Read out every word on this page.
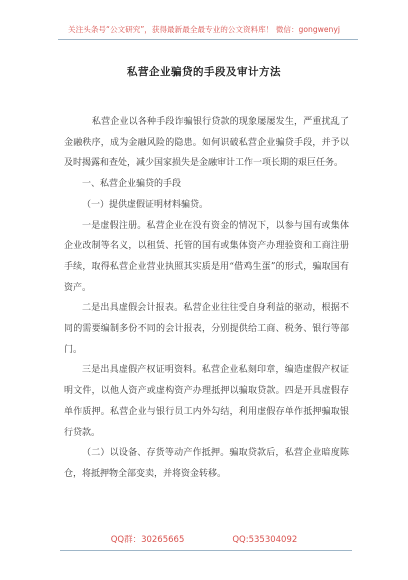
关注头条号“公文研究”，获得最新最全最专业的公文资料库！ 微信：gongwenyj
私营企业骗贷的手段及审计方法

私营企业以各种手段诈骗银行贷款的现象屡屡发生，严重扰乱了金融秩序，成为金融风险的隐患。如何识破私营企业骗贷手段，并予以及时揭露和查处，减少国家损失是金融审计工作一项长期的艰巨任务。

一、私营企业骗贷的手段

（一）提供虚假证明材料骗贷。

一是虚假注册。私营企业在没有资金的情况下，以参与国有或集体企业改制等名义，以租赁、托管的国有或集体资产办理验资和工商注册手续，取得私营企业营业执照其实质是用“借鸡生蛋”的形式，骗取国有资产。

二是出具虚假会计报表。私营企业往往受自身利益的驱动，根据不同的需要编制多份不同的会计报表，分别提供给工商、税务、银行等部门。

三是出具虚假产权证明资料。私营企业私刻印章，编造虚假产权证明文件，以他人资产或虚构资产办理抵押以骗取贷款。四是开具虚假存单作质押。私营企业与银行员工内外勾结，利用虚假存单作抵押骗取银行贷款。

（二）以设备、存货等动产作抵押。骗取贷款后，私营企业暗度陈仓，将抵押物全部变卖，并将资金转移。

QQ群：30265665	QQ:535304092
